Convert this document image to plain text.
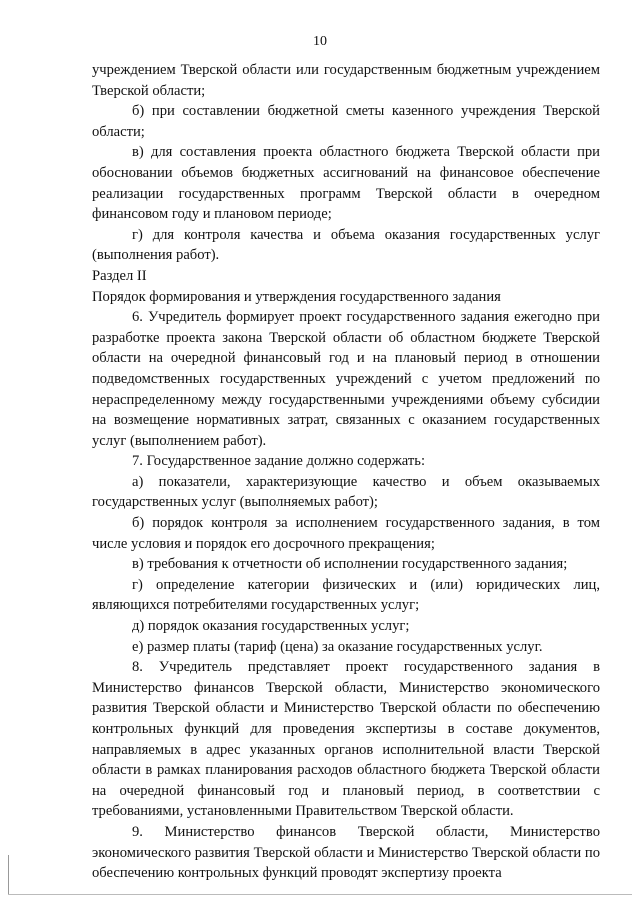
10

учреждением Тверской области или государственным бюджетным учреждением Тверской области;

б) при составлении бюджетной сметы казенного учреждения Тверской области;

в) для составления проекта областного бюджета Тверской области при обосновании объемов бюджетных ассигнований на финансовое обеспечение реализации государственных программ Тверской области в очередном финансовом году и плановом периоде;

г) для контроля качества и объема оказания государственных услуг (выполнения работ).

Раздел II

Порядок формирования и утверждения государственного задания

6. Учредитель формирует проект государственного задания ежегодно при разработке проекта закона Тверской области об областном бюджете Тверской области на очередной финансовый год и на плановый период в отношении подведомственных государственных учреждений с учетом предложений по нераспределенному между государственными учреждениями объему субсидии на возмещение нормативных затрат, связанных с оказанием государственных услуг (выполнением работ).

7. Государственное задание должно содержать:

а) показатели, характеризующие качество и объем оказываемых государственных услуг (выполняемых работ);

б) порядок контроля за исполнением государственного задания, в том числе условия и порядок его досрочного прекращения;

в) требования к отчетности об исполнении государственного задания;

г) определение категории физических и (или) юридических лиц, являющихся потребителями государственных услуг;

д) порядок оказания государственных услуг;

е) размер платы (тариф (цена) за оказание государственных услуг.

8. Учредитель представляет проект государственного задания в Министерство финансов Тверской области, Министерство экономического развития Тверской области и Министерство Тверской области по обеспечению контрольных функций для проведения экспертизы в составе документов, направляемых в адрес указанных органов исполнительной власти Тверской области в рамках планирования расходов областного бюджета Тверской области на очередной финансовый год и плановый период, в соответствии с требованиями, установленными Правительством Тверской области.

9. Министерство финансов Тверской области, Министерство экономического развития Тверской области и Министерство Тверской области по обеспечению контрольных функций проводят экспертизу проекта
